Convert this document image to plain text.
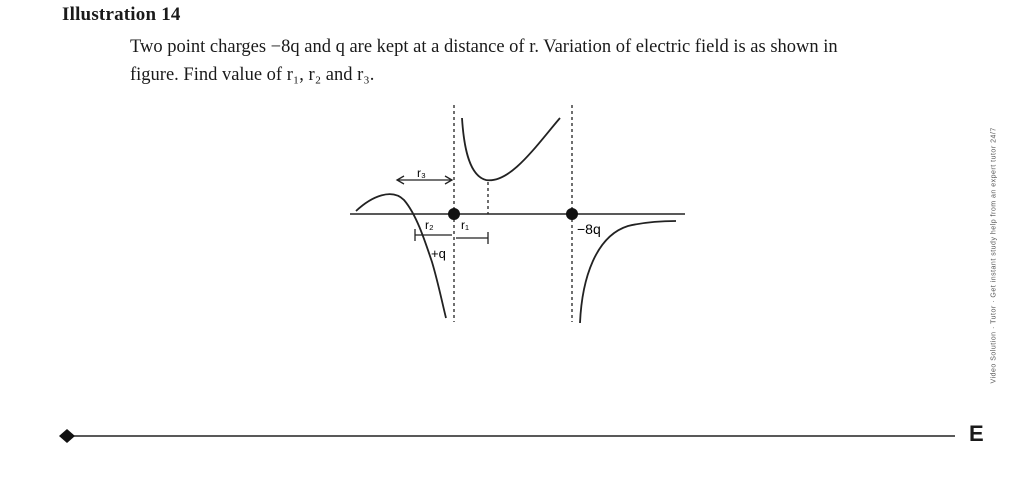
Illustration 14
Two point charges −8q and q are kept at a distance of r. Variation of electric field is as shown in
figure. Find value of r₁, r₂ and r₃.
r₃
r₂ r₁
+q
−8q	Video Solution · Tutor · Get instant study help from an expert tutor 24/7
E
